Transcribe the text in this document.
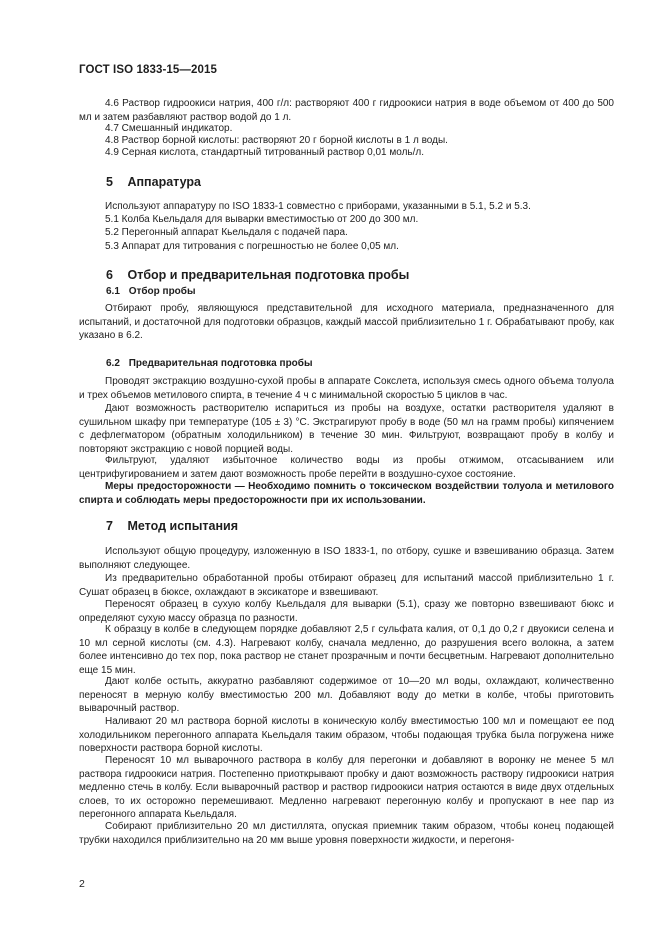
ГОСТ ISO 1833-15—2015

4.6 Раствор гидроокиси натрия, 400 г/л: растворяют 400 г гидроокиси натрия в воде объемом от 400 до 500 мл и затем разбавляют раствор водой до 1 л.

4.7 Смешанный индикатор.

4.8 Раствор борной кислоты: растворяют 20 г борной кислоты в 1 л воды.

4.9 Серная кислота, стандартный титрованный раствор 0,01 моль/л.

Используют аппаратуру по ISO 1833-1 совместно с приборами, указанными в 5.1, 5.2 и 5.3.

5.1 Колба Кьельдаля для выварки вместимостью от 200 до 300 мл.

5.2 Перегонный аппарат Кьельдаля с подачей пара.

5.3 Аппарат для титрования с погрешностью не более 0,05 мл.

Отбирают пробу, являющуюся представительной для исходного материала, предназначенного для испытаний, и достаточной для подготовки образцов, каждый массой приблизительно 1 г. Обрабатывают пробу, как указано в 6.2.

Проводят экстракцию воздушно-сухой пробы в аппарате Сокслета, используя смесь одного объема толуола и трех объемов метилового спирта, в течение 4 ч с минимальной скоростью 5 циклов в час.

Дают возможность растворителю испариться из пробы на воздухе, остатки растворителя удаляют в сушильном шкафу при температуре (105 ± 3) °С. Экстрагируют пробу в воде (50 мл на грамм пробы) кипячением с дефлегматором (обратным холодильником) в течение 30 мин. Фильтруют, возвращают пробу в колбу и повторяют экстракцию с новой порцией воды.

Фильтруют, удаляют избыточное количество воды из пробы отжимом, отсасыванием или центрифугированием и затем дают возможность пробе перейти в воздушно-сухое состояние.

Меры предосторожности — Необходимо помнить о токсическом воздействии толуола и метилового спирта и соблюдать меры предосторожности при их использовании.

Используют общую процедуру, изложенную в ISO 1833-1, по отбору, сушке и взвешиванию образца. Затем выполняют следующее.

Из предварительно обработанной пробы отбирают образец для испытаний массой приблизительно 1 г. Сушат образец в бюксе, охлаждают в эксикаторе и взвешивают.

Переносят образец в сухую колбу Кьельдаля для выварки (5.1), сразу же повторно взвешивают бюкс и определяют сухую массу образца по разности.

К образцу в колбе в следующем порядке добавляют 2,5 г сульфата калия, от 0,1 до 0,2 г двуокиси селена и 10 мл серной кислоты (см. 4.3). Нагревают колбу, сначала медленно, до разрушения всего волокна, а затем более интенсивно до тех пор, пока раствор не станет прозрачным и почти бесцветным. Нагревают дополнительно еще 15 мин.

Дают колбе остыть, аккуратно разбавляют содержимое от 10—20 мл воды, охлаждают, количественно переносят в мерную колбу вместимостью 200 мл. Добавляют воду до метки в колбе, чтобы приготовить выварочный раствор.

Наливают 20 мл раствора борной кислоты в коническую колбу вместимостью 100 мл и помещают ее под холодильником перегонного аппарата Кьельдаля таким образом, чтобы подающая трубка была погружена ниже поверхности раствора борной кислоты.

Переносят 10 мл выварочного раствора в колбу для перегонки и добавляют в воронку не менее 5 мл раствора гидроокиси натрия. Постепенно приоткрывают пробку и дают возможность раствору гидроокиси натрия медленно стечь в колбу. Если выварочный раствор и раствор гидроокиси натрия остаются в виде двух отдельных слоев, то их осторожно перемешивают. Медленно нагревают перегонную колбу и пропускают в нее пар из перегонного аппарата Кьельдаля.

Собирают приблизительно 20 мл дистиллята, опуская приемник таким образом, чтобы конец подающей трубки находился приблизительно на 20 мм выше уровня поверхности жидкости, и перегоня-

5 Аппаратура
6 Отбор и предварительная подготовка пробы
6.1 Отбор пробы
6.2 Предварительная подготовка пробы
7 Метод испытания
2
